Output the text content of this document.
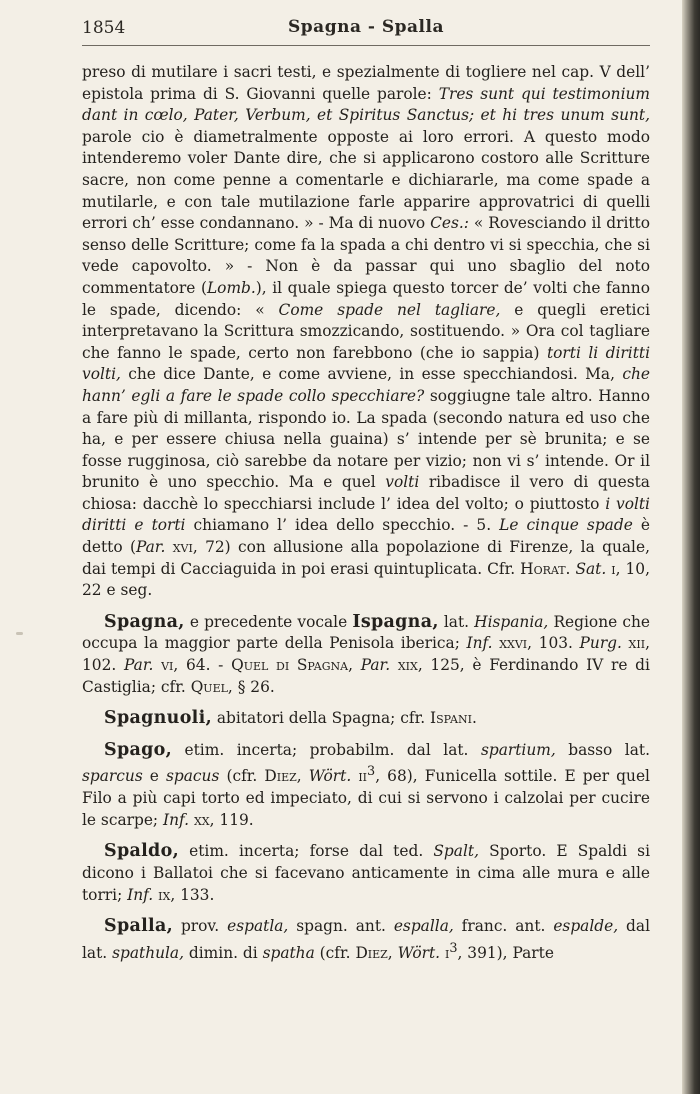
1854	Spagna - Spalla

preso di mutilare i sacri testi, e spezialmente di togliere nel cap. V dell’ epistola prima di S. Giovanni quelle parole: Tres sunt qui testimonium dant in cœlo, Pater, Verbum, et Spiritus Sanctus; et hi tres unum sunt, parole cio è diametralmente opposte ai loro errori. A questo modo intenderemo voler Dante dire, che si applicarono costoro alle Scritture sacre, non come penne a comentarle e dichiararle, ma come spade a mutilarle, e con tale mutilazione farle apparire approvatrici di quelli errori ch’ esse condannano. » - Ma di nuovo Ces.: « Rovesciando il dritto senso delle Scritture; come fa la spada a chi dentro vi si specchia, che si vede capovolto. » - Non è da passar qui uno sbaglio del noto commentatore (Lomb.), il quale spiega questo torcer de’ volti che fanno le spade, dicendo: « Come spade nel tagliare, e quegli eretici interpretavano la Scrittura smozzicando, sostituendo. » Ora col tagliare che fanno le spade, certo non farebbono (che io sappia) torti li diritti volti, che dice Dante, e come avviene, in esse specchiandosi. Ma, che hann’ egli a fare le spade collo specchiare? soggiugne tale altro. Hanno a fare più di millanta, rispondo io. La spada (secondo natura ed uso che ha, e per essere chiusa nella guaina) s’ intende per sè brunita; e se fosse rugginosa, ciò sarebbe da notare per vizio; non vi s’ intende. Or il brunito è uno specchio. Ma e quel volti ribadisce il vero di questa chiosa: dacchè lo specchiarsi include l’ idea del volto; o piuttosto i volti diritti e torti chiamano l’ idea dello specchio. - 5. Le cinque spade è detto (Par. xvi, 72) con allusione alla popolazione di Firenze, la quale, dai tempi di Cacciaguida in poi erasi quintuplicata. Cfr. Horat. Sat. i, 10, 22 e seg.

Spagna, e precedente vocale Ispagna, lat. Hispania, Regione che occupa la maggior parte della Penisola iberica; Inf. xxvi, 103. Purg. xii, 102. Par. vi, 64. - Quel di Spagna, Par. xix, 125, è Ferdinando IV re di Castiglia; cfr. Quel, § 26.

Spagnuoli, abitatori della Spagna; cfr. Ispani.

Spago, etim. incerta; probabilm. dal lat. spartium, basso lat. sparcus e spacus (cfr. Diez, Wört. $ii^3$, 68), Funicella sottile. E per quel Filo a più capi torto ed impeciato, di cui si servono i calzolai per cucire le scarpe; Inf. xx, 119.

Spaldo, etim. incerta; forse dal ted. Spalt, Sporto. E Spaldi si dicono i Ballatoi che si facevano anticamente in cima alle mura e alle torri; Inf. ix, 133.

Spalla, prov. espatla, spagn. ant. espalla, franc. ant. espalde, dal lat. spathula, dimin. di spatha (cfr. Diez, Wört. $i^3$, 391), Parte
